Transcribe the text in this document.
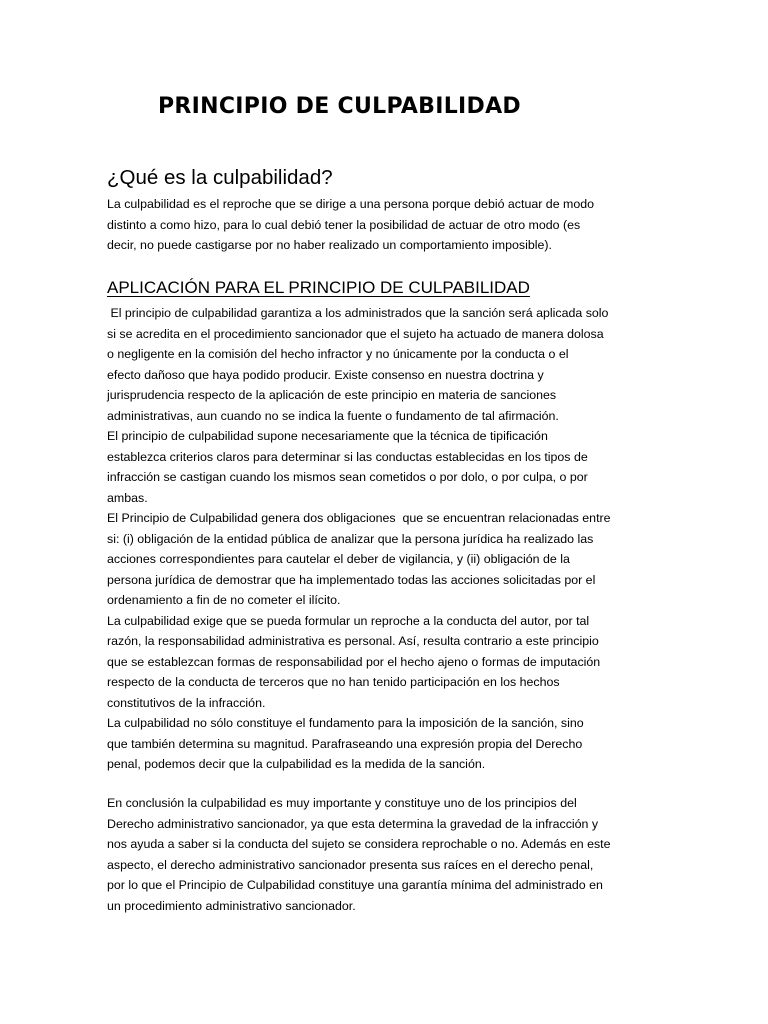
PRINCIPIO DE CULPABILIDAD
¿Qué es la culpabilidad?
La culpabilidad es el reproche que se dirige a una persona porque debió actuar de modo
distinto a como hizo, para lo cual debió tener la posibilidad de actuar de otro modo (es
decir, no puede castigarse por no haber realizado un comportamiento imposible).
APLICACIÓN PARA EL PRINCIPIO DE CULPABILIDAD
El principio de culpabilidad garantiza a los administrados que la sanción será aplicada solo
si se acredita en el procedimiento sancionador que el sujeto ha actuado de manera dolosa
o negligente en la comisión del hecho infractor y no únicamente por la conducta o el
efecto dañoso que haya podido producir. Existe consenso en nuestra doctrina y
jurisprudencia respecto de la aplicación de este principio en materia de sanciones
administrativas, aun cuando no se indica la fuente o fundamento de tal afirmación.
El principio de culpabilidad supone necesariamente que la técnica de tipificación
establezca criterios claros para determinar si las conductas establecidas en los tipos de
infracción se castigan cuando los mismos sean cometidos o por dolo, o por culpa, o por
ambas.
El Principio de Culpabilidad genera dos obligaciones  que se encuentran relacionadas entre
si: (i) obligación de la entidad pública de analizar que la persona jurídica ha realizado las
acciones correspondientes para cautelar el deber de vigilancia, y (ii) obligación de la
persona jurídica de demostrar que ha implementado todas las acciones solicitadas por el
ordenamiento a fin de no cometer el ilícito.
La culpabilidad exige que se pueda formular un reproche a la conducta del autor, por tal
razón, la responsabilidad administrativa es personal. Así, resulta contrario a este principio
que se establezcan formas de responsabilidad por el hecho ajeno o formas de imputación
respecto de la conducta de terceros que no han tenido participación en los hechos
constitutivos de la infracción.
La culpabilidad no sólo constituye el fundamento para la imposición de la sanción, sino
que también determina su magnitud. Parafraseando una expresión propia del Derecho
penal, podemos decir que la culpabilidad es la medida de la sanción.
En conclusión la culpabilidad es muy importante y constituye uno de los principios del
Derecho administrativo sancionador, ya que esta determina la gravedad de la infracción y
nos ayuda a saber si la conducta del sujeto se considera reprochable o no. Además en este
aspecto, el derecho administrativo sancionador presenta sus raíces en el derecho penal,
por lo que el Principio de Culpabilidad constituye una garantía mínima del administrado en
un procedimiento administrativo sancionador.
